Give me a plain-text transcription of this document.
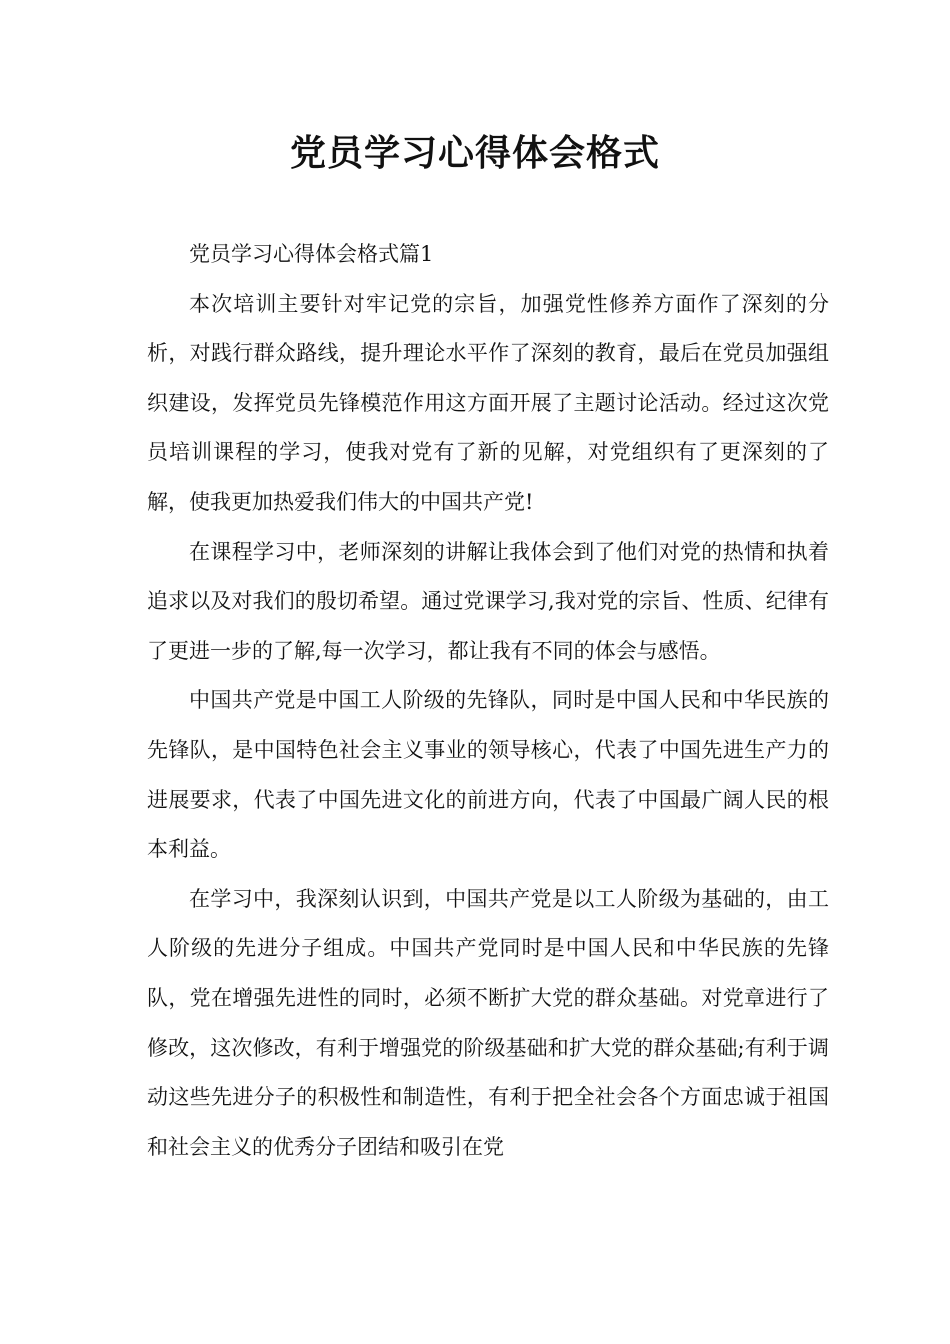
党员学习心得体会格式

党员学习心得体会格式篇1

本次培训主要针对牢记党的宗旨，加强党性修养方面作了深刻的分析，对践行群众路线，提升理论水平作了深刻的教育，最后在党员加强组织建设，发挥党员先锋模范作用这方面开展了主题讨论活动。经过这次党员培训课程的学习，使我对党有了新的见解，对党组织有了更深刻的了解，使我更加热爱我们伟大的中国共产党!

在课程学习中，老师深刻的讲解让我体会到了他们对党的热情和执着追求以及对我们的殷切希望。通过党课学习,我对党的宗旨、性质、纪律有了更进一步的了解,每一次学习，都让我有不同的体会与感悟。

中国共产党是中国工人阶级的先锋队，同时是中国人民和中华民族的先锋队，是中国特色社会主义事业的领导核心，代表了中国先进生产力的进展要求，代表了中国先进文化的前进方向，代表了中国最广阔人民的根本利益。

在学习中，我深刻认识到，中国共产党是以工人阶级为基础的，由工人阶级的先进分子组成。中国共产党同时是中国人民和中华民族的先锋队，党在增强先进性的同时，必须不断扩大党的群众基础。对党章进行了修改，这次修改，有利于增强党的阶级基础和扩大党的群众基础;有利于调动这些先进分子的积极性和制造性，有利于把全社会各个方面忠诚于祖国和社会主义的优秀分子团结和吸引在党
